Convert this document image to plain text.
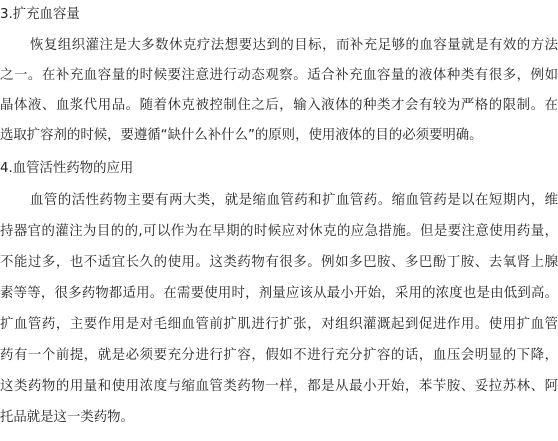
3.扩充血容量
恢复组织灌注是大多数休克疗法想要达到的目标，而补充足够的血容量就是有效的方法
之一。在补充血容量的时候要注意进行动态观察。适合补充血容量的液体种类有很多，例如
晶体液、血浆代用品。随着休克被控制住之后，输入液体的种类才会有较为严格的限制。在
选取扩容剂的时候，要遵循“缺什么补什么”的原则，使用液体的目的必须要明确。
4.血管活性药物的应用
血管的活性药物主要有两大类，就是缩血管药和扩血管药。缩血管药是以在短期内，维
持器官的灌注为目的的,可以作为在早期的时候应对休克的应急措施。但是要注意使用药量，
不能过多，也不适宜长久的使用。这类药物有很多。例如多巴胺、多巴酚丁胺、去氧肾上腺
素等等，很多药物都适用。在需要使用时，剂量应该从最小开始，采用的浓度也是由低到高。
扩血管药，主要作用是对毛细血管前扩肌进行扩张，对组织灌溉起到促进作用。使用扩血管
药有一个前提，就是必须要充分进行扩容，假如不进行充分扩容的话，血压会明显的下降，
这类药物的用量和使用浓度与缩血管类药物一样，都是从最小开始，苯苄胺、妥拉苏林、阿
托品就是这一类药物。
